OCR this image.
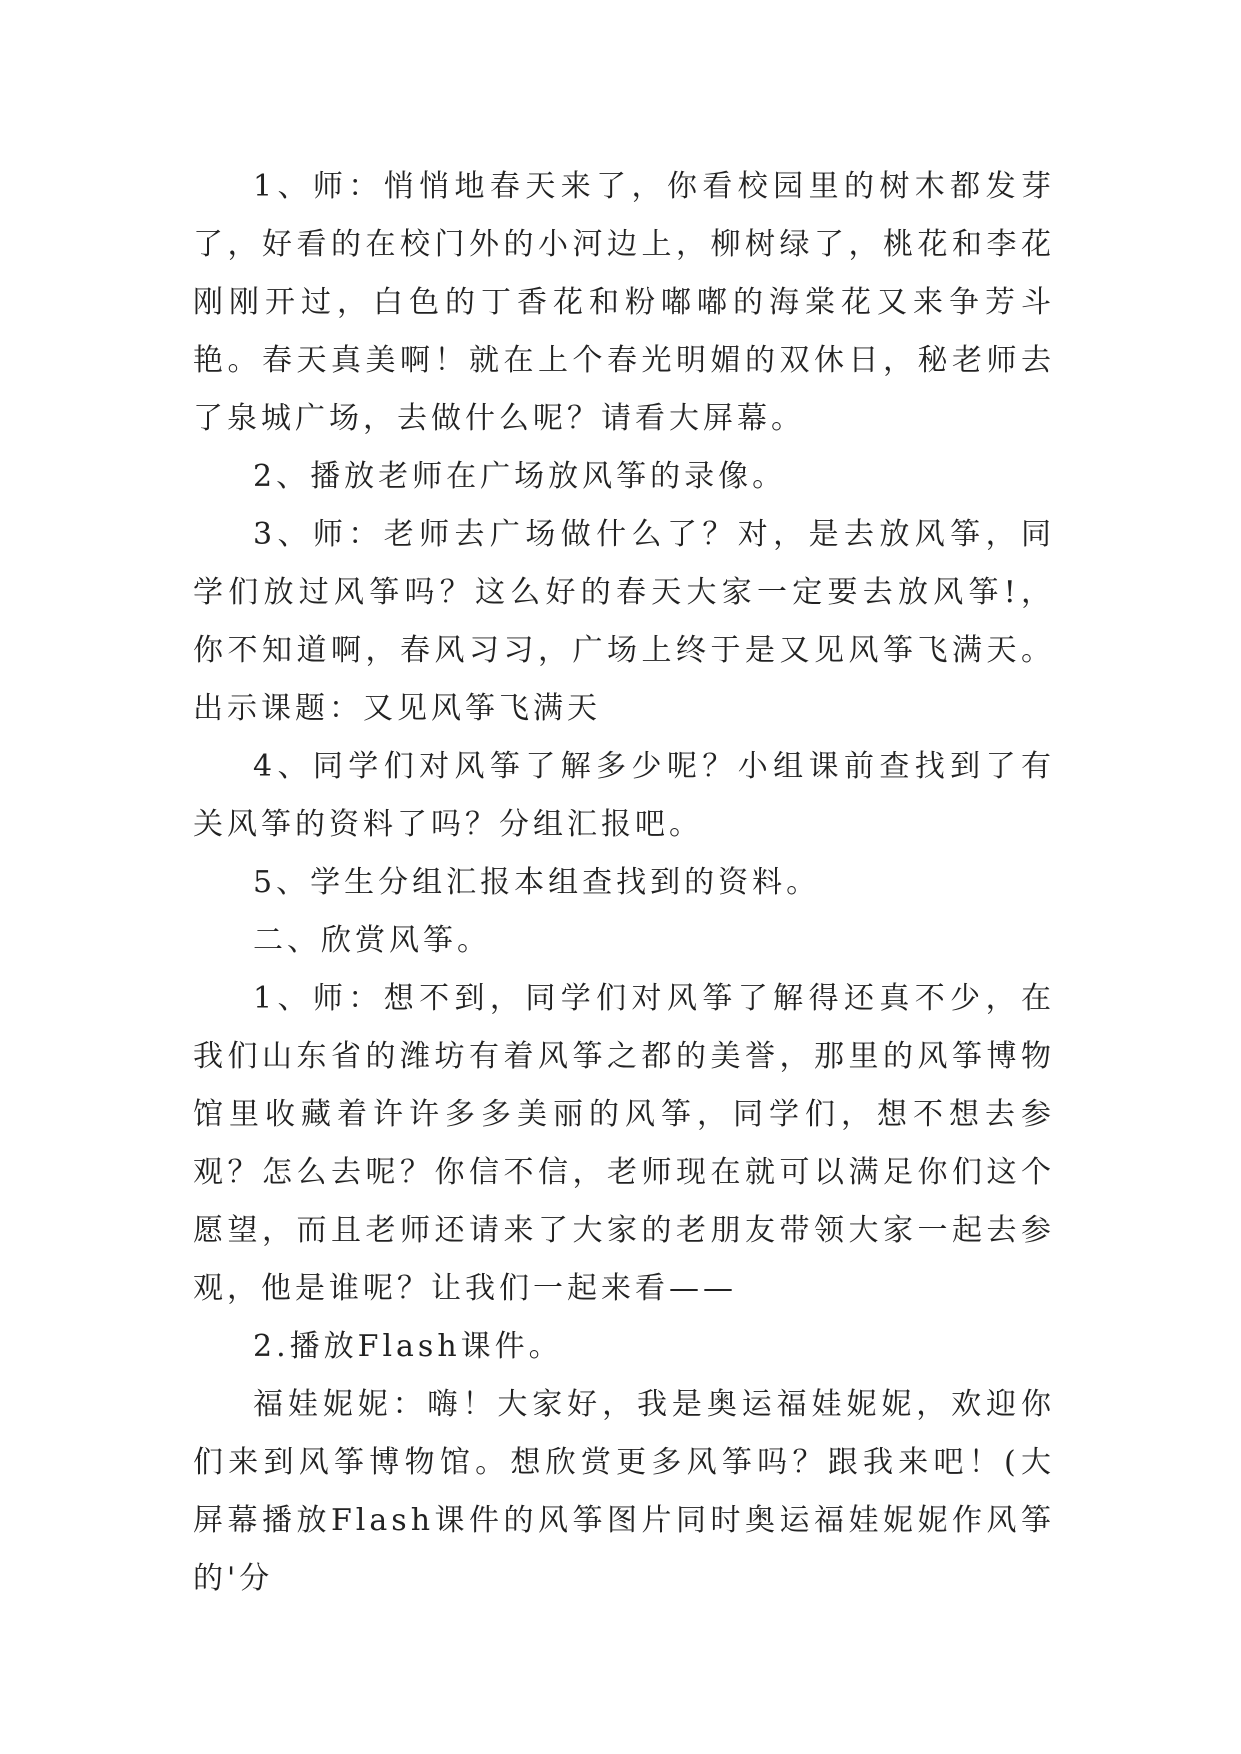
1、师：悄悄地春天来了，你看校园里的树木都发芽了，好看的在校门外的小河边上，柳树绿了，桃花和李花刚刚开过，白色的丁香花和粉嘟嘟的海棠花又来争芳斗艳。春天真美啊！就在上个春光明媚的双休日，秘老师去了泉城广场，去做什么呢？请看大屏幕。

2、播放老师在广场放风筝的录像。

3、师：老师去广场做什么了？对，是去放风筝，同学们放过风筝吗？这么好的春天大家一定要去放风筝!，你不知道啊，春风习习，广场上终于是又见风筝飞满天。出示课题：又见风筝飞满天

4、同学们对风筝了解多少呢？小组课前查找到了有关风筝的资料了吗？分组汇报吧。

5、学生分组汇报本组查找到的资料。

二、欣赏风筝。

1、师：想不到，同学们对风筝了解得还真不少，在我们山东省的潍坊有着风筝之都的美誉，那里的风筝博物馆里收藏着许许多多美丽的风筝，同学们，想不想去参观？怎么去呢？你信不信，老师现在就可以满足你们这个愿望，而且老师还请来了大家的老朋友带领大家一起去参观，他是谁呢？让我们一起来看——

2.播放Flash课件。

福娃妮妮：嗨！大家好，我是奥运福娃妮妮，欢迎你们来到风筝博物馆。想欣赏更多风筝吗？跟我来吧！(大屏幕播放Flash课件的风筝图片同时奥运福娃妮妮作风筝的'分
